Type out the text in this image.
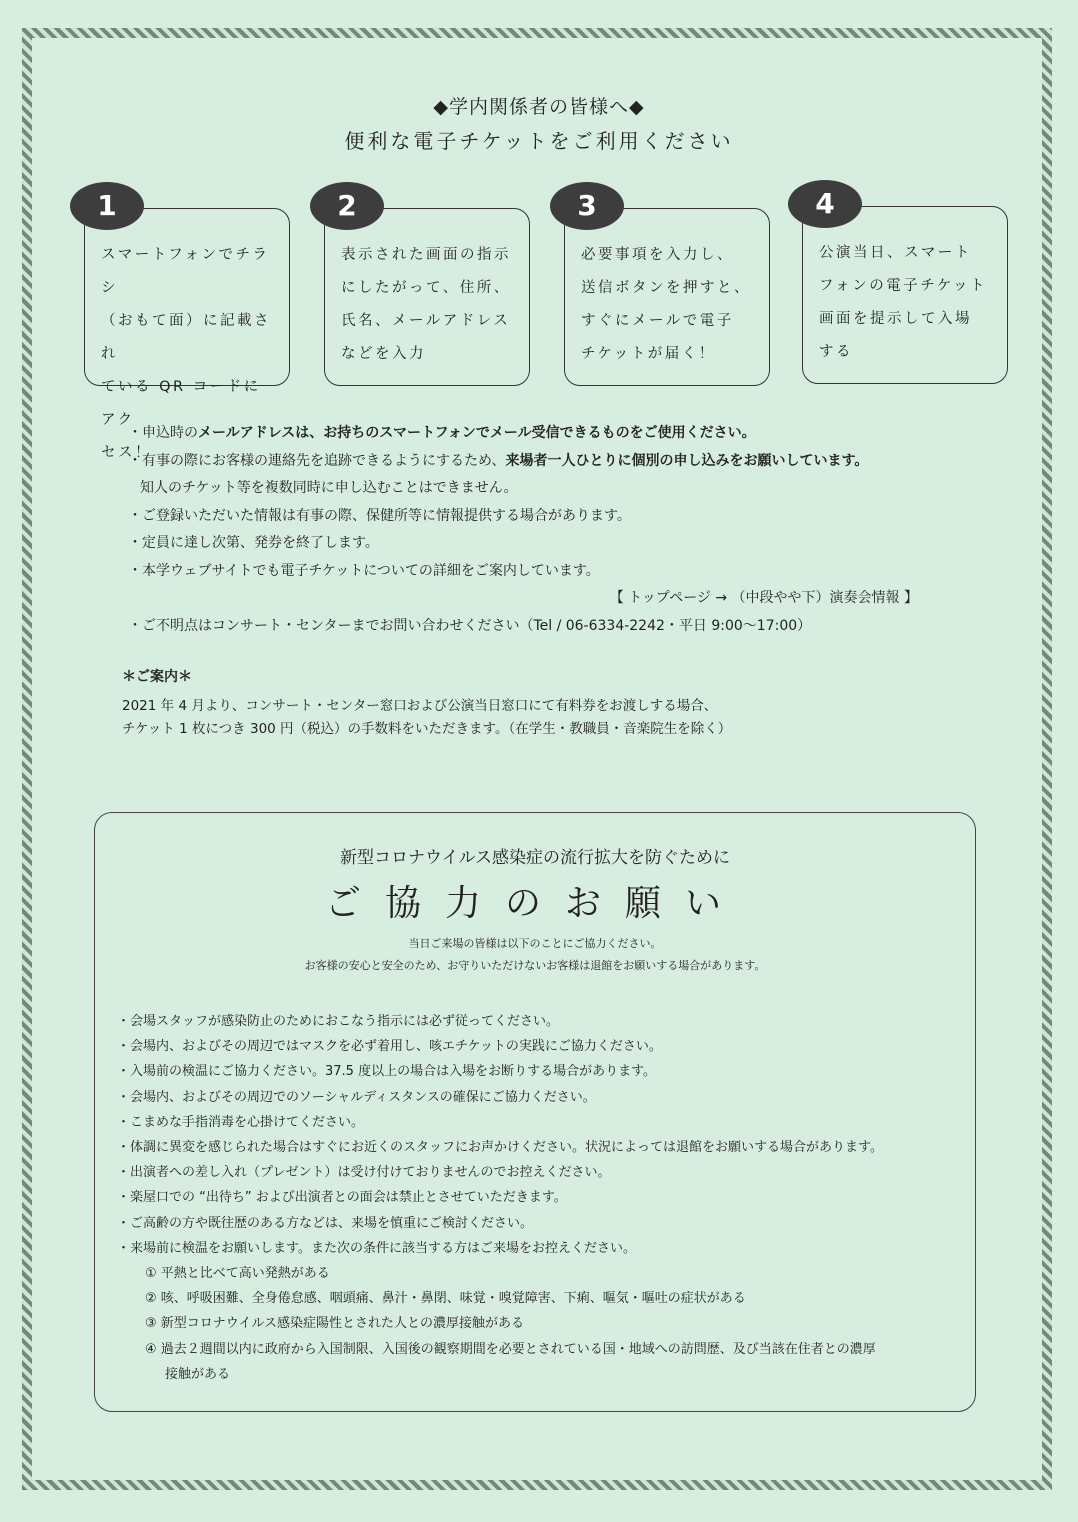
◆学内関係者の皆様へ◆
便利な電子チケットをご利用ください
スマートフォンでチラシ
（おもて面）に記載され
ている QR コードにアク
セス！
1
表示された画面の指示
にしたがって、住所、
氏名、メールアドレス
などを入力
2
必要事項を入力し、
送信ボタンを押すと、
すぐにメールで電子
チケットが届く！
3
公演当日、スマート
フォンの電子チケット
画面を提示して入場
する
4
・申込時のメールアドレスは、お持ちのスマートフォンでメール受信できるものをご使用ください。
・有事の際にお客様の連絡先を追跡できるようにするため、来場者一人ひとりに個別の申し込みをお願いしています。
知人のチケット等を複数同時に申し込むことはできません。
・ご登録いただいた情報は有事の際、保健所等に情報提供する場合があります。
・定員に達し次第、発券を終了します。
・本学ウェブサイトでも電子チケットについての詳細をご案内しています。
【 トップページ → （中段やや下）演奏会情報 】
・ご不明点はコンサート・センターまでお問い合わせください（Tel / 06-6334-2242・平日 9:00～17:00）
＊ご案内＊
2021 年 4 月より、コンサート・センター窓口および公演当日窓口にて有料券をお渡しする場合、
チケット 1 枚につき 300 円（税込）の手数料をいただきます。（在学生・教職員・音楽院生を除く）
新型コロナウイルス感染症の流行拡大を防ぐために
ご協力のお願い
当日ご来場の皆様は以下のことにご協力ください。
お客様の安心と安全のため、お守りいただけないお客様は退館をお願いする場合があります。
・会場スタッフが感染防止のためにおこなう指示には必ず従ってください。
・会場内、およびその周辺ではマスクを必ず着用し、咳エチケットの実践にご協力ください。
・入場前の検温にご協力ください。37.5 度以上の場合は入場をお断りする場合があります。
・会場内、およびその周辺でのソーシャルディスタンスの確保にご協力ください。
・こまめな手指消毒を心掛けてください。
・体調に異変を感じられた場合はすぐにお近くのスタッフにお声かけください。状況によっては退館をお願いする場合があります。
・出演者への差し入れ（プレゼント）は受け付けておりませんのでお控えください。
・楽屋口での “出待ち” および出演者との面会は禁止とさせていただきます。
・ご高齢の方や既往歴のある方などは、来場を慎重にご検討ください。
・来場前に検温をお願いします。また次の条件に該当する方はご来場をお控えください。
① 平熱と比べて高い発熱がある
② 咳、呼吸困難、全身倦怠感、咽頭痛、鼻汁・鼻閉、味覚・嗅覚障害、下痢、嘔気・嘔吐の症状がある
③ 新型コロナウイルス感染症陽性とされた人との濃厚接触がある
④ 過去２週間以内に政府から入国制限、入国後の観察期間を必要とされている国・地域への訪問歴、及び当該在住者との濃厚
接触がある
